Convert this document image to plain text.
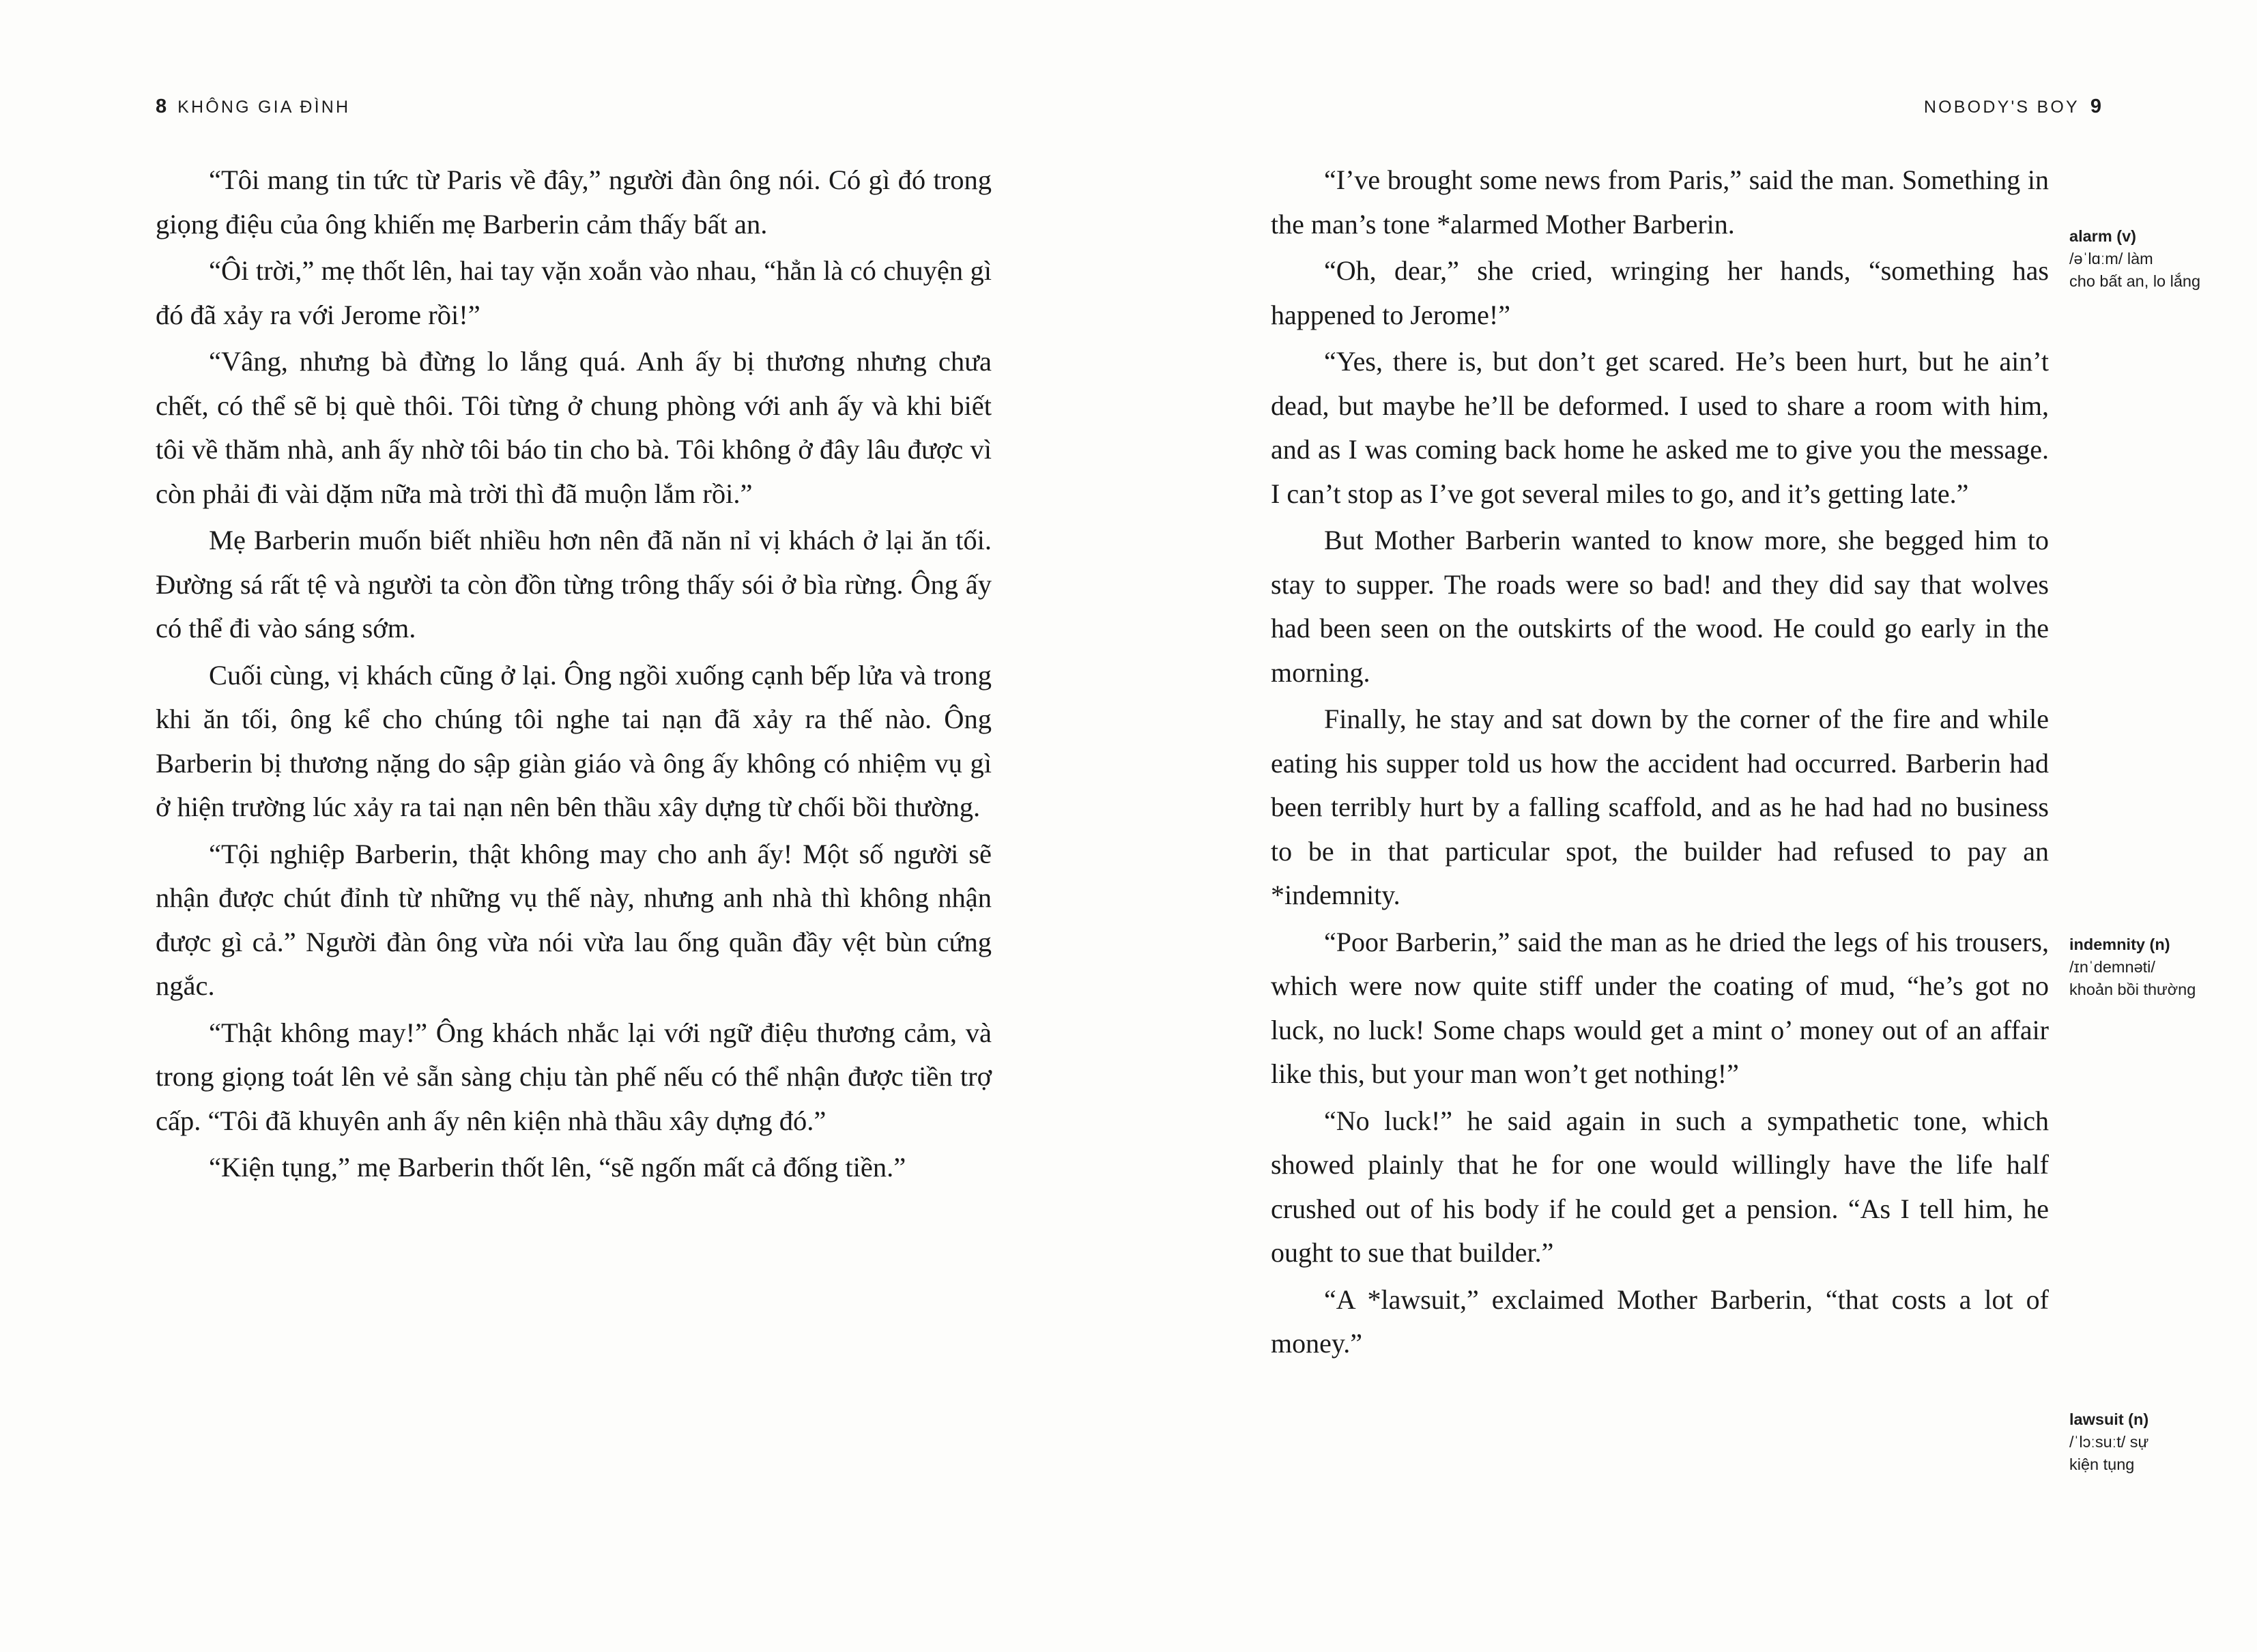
8 KHÔNG GIA ĐÌNH	NOBODY'S BOY 9

“Tôi mang tin tức từ Paris về đây,” người đàn ông nói. Có gì đó trong giọng điệu của ông khiến mẹ Barberin cảm thấy bất an.

“Ôi trời,” mẹ thốt lên, hai tay vặn xoắn vào nhau, “hẳn là có chuyện gì đó đã xảy ra với Jerome rồi!”

“Vâng, nhưng bà đừng lo lắng quá. Anh ấy bị thương nhưng chưa chết, có thể sẽ bị què thôi. Tôi từng ở chung phòng với anh ấy và khi biết tôi về thăm nhà, anh ấy nhờ tôi báo tin cho bà. Tôi không ở đây lâu được vì còn phải đi vài dặm nữa mà trời thì đã muộn lắm rồi.”

Mẹ Barberin muốn biết nhiều hơn nên đã năn nỉ vị khách ở lại ăn tối. Đường sá rất tệ và người ta còn đồn từng trông thấy sói ở bìa rừng. Ông ấy có thể đi vào sáng sớm.

Cuối cùng, vị khách cũng ở lại. Ông ngồi xuống cạnh bếp lửa và trong khi ăn tối, ông kể cho chúng tôi nghe tai nạn đã xảy ra thế nào. Ông Barberin bị thương nặng do sập giàn giáo và ông ấy không có nhiệm vụ gì ở hiện trường lúc xảy ra tai nạn nên bên thầu xây dựng từ chối bồi thường.

“Tội nghiệp Barberin, thật không may cho anh ấy! Một số người sẽ nhận được chút đỉnh từ những vụ thế này, nhưng anh nhà thì không nhận được gì cả.” Người đàn ông vừa nói vừa lau ống quần đầy vệt bùn cứng ngắc.

“Thật không may!” Ông khách nhắc lại với ngữ điệu thương cảm, và trong giọng toát lên vẻ sẵn sàng chịu tàn phế nếu có thể nhận được tiền trợ cấp. “Tôi đã khuyên anh ấy nên kiện nhà thầu xây dựng đó.”

“Kiện tụng,” mẹ Barberin thốt lên, “sẽ ngốn mất cả đống tiền.”

“I’ve brought some news from Paris,” said the man. Something in the man’s tone *alarmed Mother Barberin.

“Oh, dear,” she cried, wringing her hands, “something has happened to Jerome!”

“Yes, there is, but don’t get scared. He’s been hurt, but he ain’t dead, but maybe he’ll be deformed. I used to share a room with him, and as I was coming back home he asked me to give you the message. I can’t stop as I’ve got several miles to go, and it’s getting late.”

But Mother Barberin wanted to know more, she begged him to stay to supper. The roads were so bad! and they did say that wolves had been seen on the outskirts of the wood. He could go early in the morning.

Finally, he stay and sat down by the corner of the fire and while eating his supper told us how the accident had occurred. Barberin had been terribly hurt by a falling scaffold, and as he had had no business to be in that particular spot, the builder had refused to pay an *indemnity.

“Poor Barberin,” said the man as he dried the legs of his trousers, which were now quite stiff under the coating of mud, “he’s got no luck, no luck! Some chaps would get a mint o’ money out of an affair like this, but your man won’t get nothing!”

“No luck!” he said again in such a sympathetic tone, which showed plainly that he for one would willingly have the life half crushed out of his body if he could get a pension. “As I tell him, he ought to sue that builder.”

“A *lawsuit,” exclaimed Mother Barberin, “that costs a lot of money.”

alarm (v)
/əˈlɑːm/ làm
cho bất an, lo lắng
indemnity (n)
/ɪnˈdemnəti/
khoản bồi thường
lawsuit (n)
/ˈlɔːsuːt/ sự
kiện tụng
